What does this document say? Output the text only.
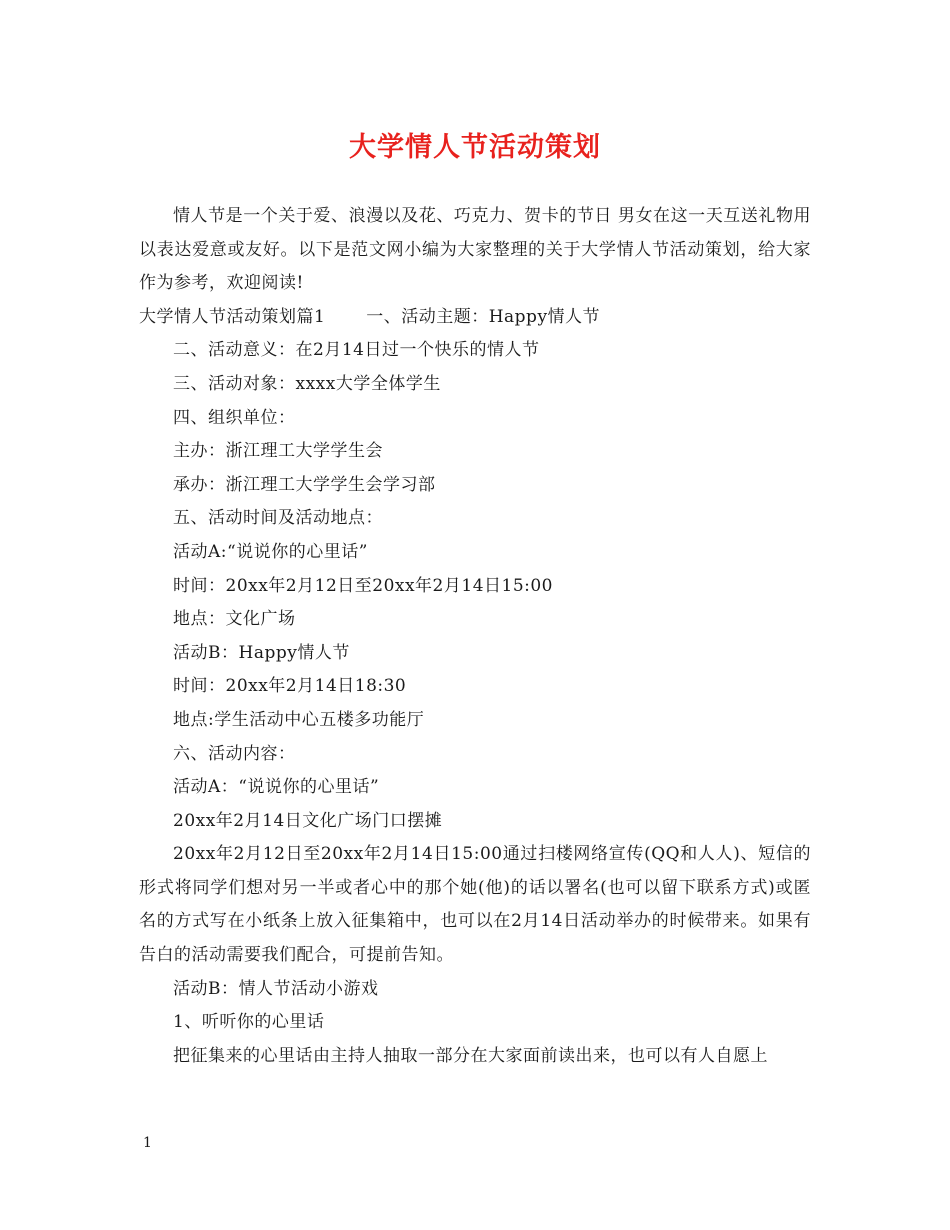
大学情人节活动策划

情人节是一个关于爱、浪漫以及花、巧克力、贺卡的节日 男女在这一天互送礼物用以表达爱意或友好。以下是范文网小编为大家整理的关于大学情人节活动策划，给大家作为参考，欢迎阅读!

大学情人节活动策划篇1　　 一、活动主题：Happy情人节

二、活动意义：在2月14日过一个快乐的情人节

三、活动对象：xxxx大学全体学生

四、组织单位：

主办：浙江理工大学学生会

承办：浙江理工大学学生会学习部

五、活动时间及活动地点：

活动A:“说说你的心里话”

时间：20xx年2月12日至20xx年2月14日15:00

地点：文化广场

活动B：Happy情人节

时间：20xx年2月14日18:30

地点:学生活动中心五楼多功能厅

六、活动内容：

活动A：“说说你的心里话”

20xx年2月14日文化广场门口摆摊

20xx年2月12日至20xx年2月14日15:00通过扫楼网络宣传(QQ和人人)、短信的形式将同学们想对另一半或者心中的那个她(他)的话以署名(也可以留下联系方式)或匿名的方式写在小纸条上放入征集箱中，也可以在2月14日活动举办的时候带来。如果有告白的活动需要我们配合，可提前告知。

活动B：情人节活动小游戏

1、听听你的心里话

把征集来的心里话由主持人抽取一部分在大家面前读出来，也可以有人自愿上

1
